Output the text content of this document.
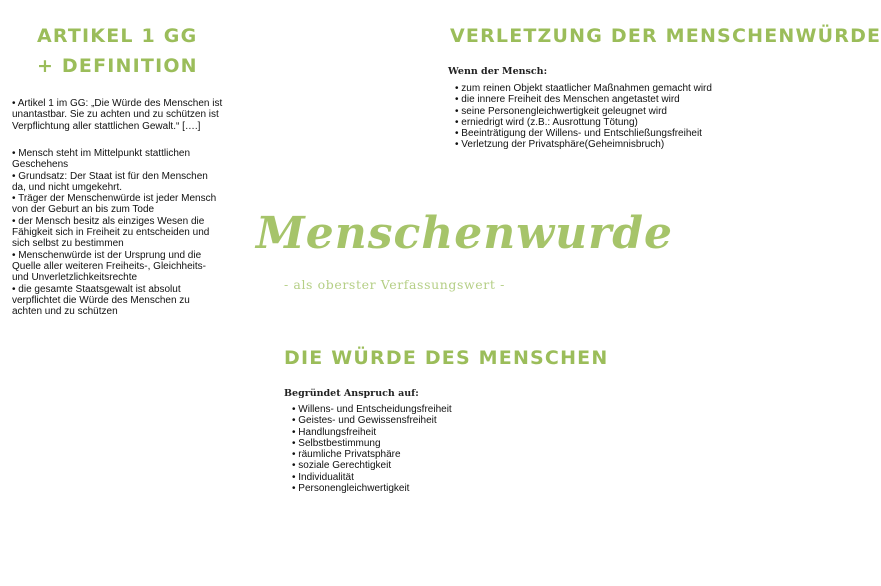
ARTIKEL 1 GG
+ DEFINITION
• Artikel 1 im GG: „Die Würde des Menschen ist unantastbar. Sie zu achten und zu schützen ist Verpflichtung aller stattlichen Gewalt.“ [….]

• Mensch steht im Mittelpunkt stattlichen Geschehens

• Grundsatz: Der Staat ist für den Menschen da, und nicht umgekehrt.

• Träger der Menschenwürde ist jeder Mensch von der Geburt an bis zum Tode

• der Mensch besitz als einziges Wesen die Fähigkeit sich in Freiheit zu entscheiden und sich selbst zu bestimmen

• Menschenwürde ist der Ursprung und die Quelle aller weiteren Freiheits-, Gleichheits- und Unverletzlichkeitsrechte

• die gesamte Staatsgewalt ist absolut verpflichtet die Würde des Menschen zu achten und zu schützen

VERLETZUNG DER MENSCHENWÜRDE
Wenn der Mensch:
• zum reinen Objekt staatlicher Maßnahmen gemacht wird
• die innere Freiheit des Menschen angetastet wird
• seine Personengleichwertigkeit geleugnet wird
• erniedrigt wird (z.B.: Ausrottung Tötung)
• Beeinträtigung der Willens- und Entschließungsfreiheit
• Verletzung der Privatsphäre(Geheimnisbruch)
Menschenwurde
- als oberster Verfassungswert -
DIE WÜRDE DES MENSCHEN
Begründet Anspruch auf:
• Willens- und Entscheidungsfreiheit
• Geistes- und Gewissensfreiheit
• Handlungsfreiheit
• Selbstbestimmung
• räumliche Privatsphäre
• soziale Gerechtigkeit
• Individualität
• Personengleichwertigkeit
